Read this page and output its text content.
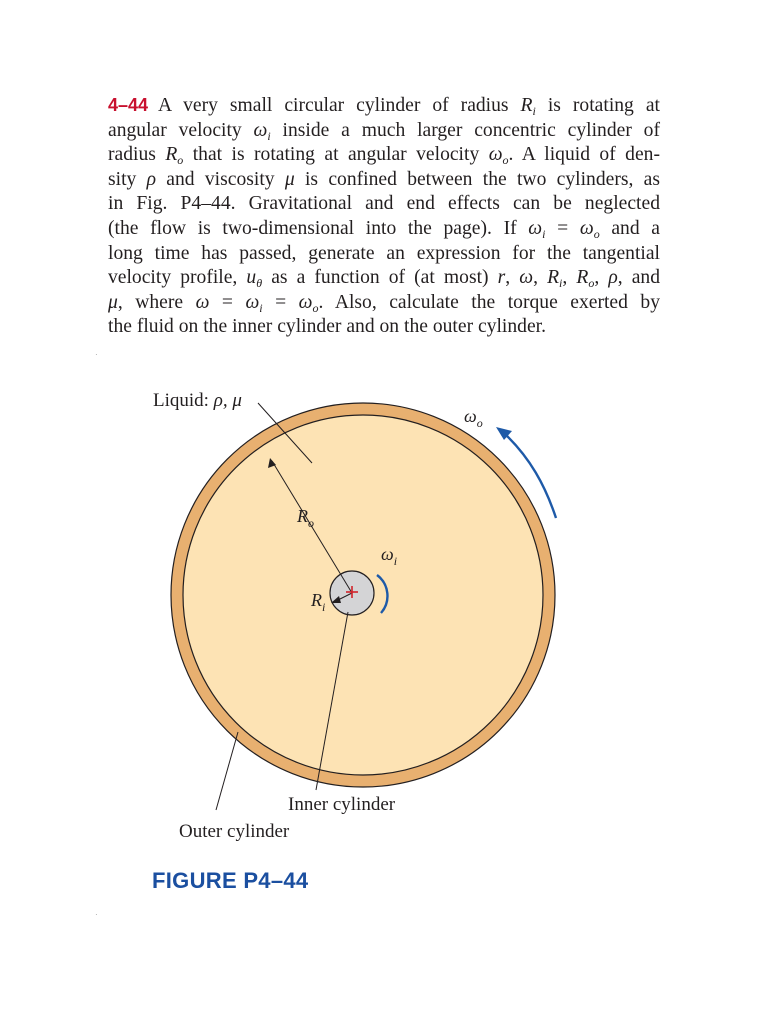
4–44 A very small circular cylinder of radius $R_i$ is rotating at
angular velocity $\omega_i$ inside a much larger concentric cylinder of
radius $R_o$ that is rotating at angular velocity $\omega_o$. A liquid of den-
sity ρ and viscosity μ is confined between the two cylinders, as
in Fig. P4–44. Gravitational and end effects can be neglected
(the flow is two-dimensional into the page). If $\omega_i = \omega_o$ and a
long time has passed, generate an expression for the tangential
velocity profile, $u_\theta$ as a function of (at most) r, ω, $R_i$, $R_o$, ρ, and
μ, where $\omega = \omega_i = \omega_o$. Also, calculate the torque exerted by
the fluid on the inner cylinder and on the outer cylinder.
·
·
Liquid: ρ, μ
$\omega_o$
$R_o$
$\omega_i$
$R_i$
Inner cylinder
Outer cylinder
FIGURE P4–44
